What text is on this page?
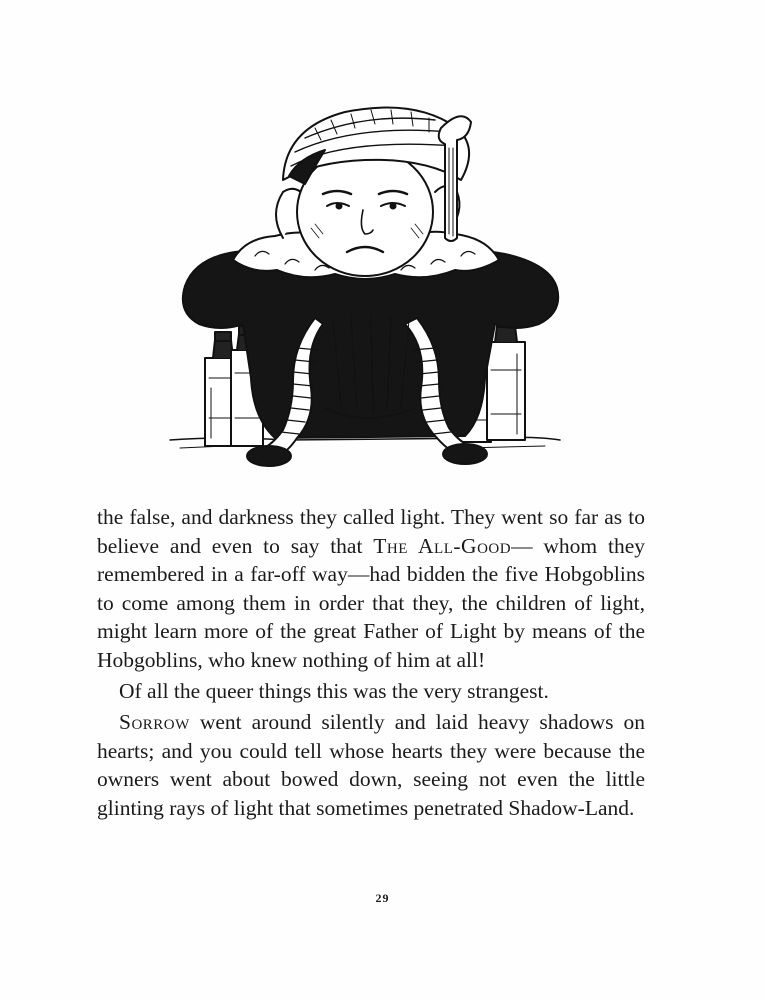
the false, and darkness they called light. They went so far as to believe and even to say that The All-Good— whom they remembered in a far-off way—had bidden the five Hobgoblins to come among them in order that they, the children of light, might learn more of the great Father of Light by means of the Hobgoblins, who knew nothing of him at all!

Of all the queer things this was the very strangest.

Sorrow went around silently and laid heavy shadows on hearts; and you could tell whose hearts they were because the owners went about bowed down, seeing not even the little glinting rays of light that sometimes penetrated Shadow-Land.

29
